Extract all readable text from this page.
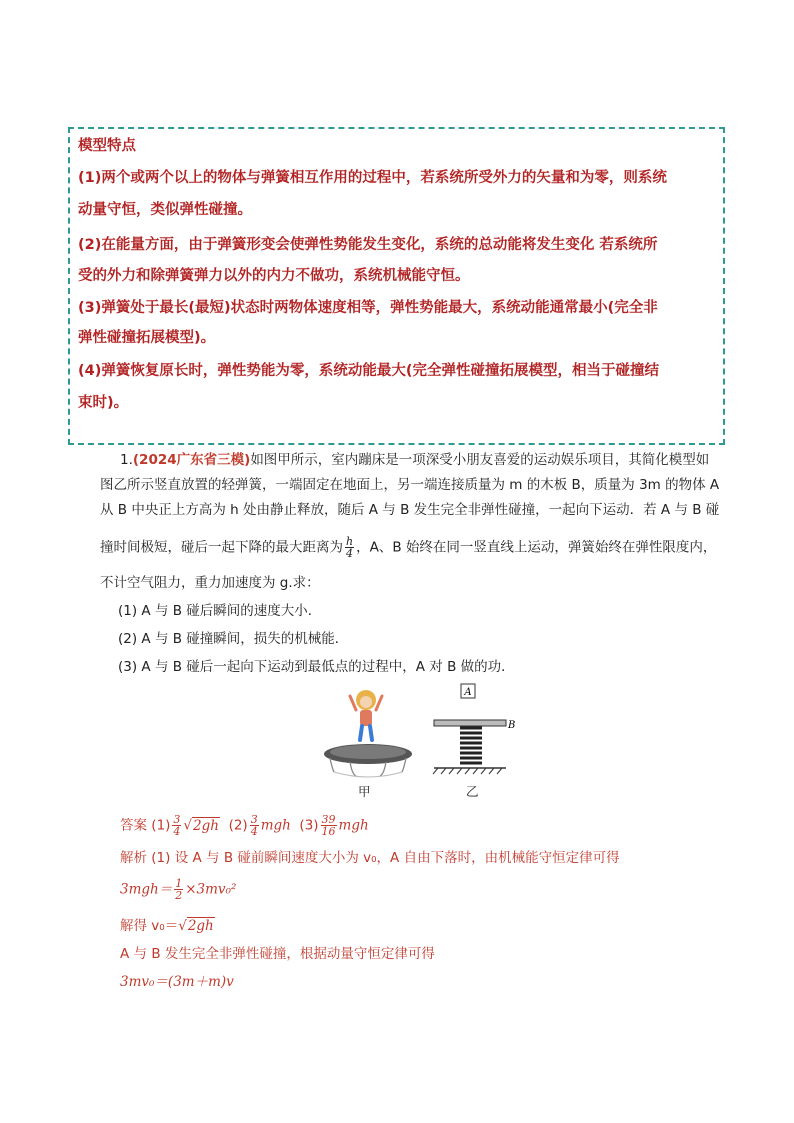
模型特点
(1)两个或两个以上的物体与弹簧相互作用的过程中，若系统所受外力的矢量和为零，则系统
动量守恒，类似弹性碰撞。
(2)在能量方面，由于弹簧形变会使弹性势能发生变化，系统的总动能将发生变化 若系统所
受的外力和除弹簧弹力以外的内力不做功，系统机械能守恒。
(3)弹簧处于最长(最短)状态时两物体速度相等，弹性势能最大，系统动能通常最小(完全非
弹性碰撞拓展模型)。
(4)弹簧恢复原长时，弹性势能为零，系统动能最大(完全弹性碰撞拓展模型，相当于碰撞结
束时)。
1.(2024广东省三模)如图甲所示，室内蹦床是一项深受小朋友喜爱的运动娱乐项目，其简化模型如
图乙所示竖直放置的轻弹簧，一端固定在地面上，另一端连接质量为 m 的木板 B，质量为 3m 的物体 A
从 B 中央正上方高为 h 处由静止释放，随后 A 与 B 发生完全非弹性碰撞，一起向下运动．若 A 与 B 碰
撞时间极短，碰后一起下降的最大距离为 $\frac{h}{4}$ ，A、B 始终在同一竖直线上运动，弹簧始终在弹性限度内，
不计空气阻力，重力加速度为 g.求：
(1) A 与 B 碰后瞬间的速度大小．
(2) A 与 B 碰撞瞬间，损失的机械能．
(3) A 与 B 碰后一起向下运动到最低点的过程中，A 对 B 做的功．
A
B
甲	乙
答案 $(1) \frac{3}{4} √2gh$ $(2) \frac{3}{4}$ mgh $(3) \frac{39}{16}$ mgh
解析 (1) 设 A 与 B 碰前瞬间速度大小为 v₀，A 自由下落时，由机械能守恒定律可得
$3mgh= \frac{1}{2} \times 3mv_0^2$
解得 v₀＝√2gh
A 与 B 发生完全非弹性碰撞，根据动量守恒定律可得
3mv₀＝(3m＋m)v
